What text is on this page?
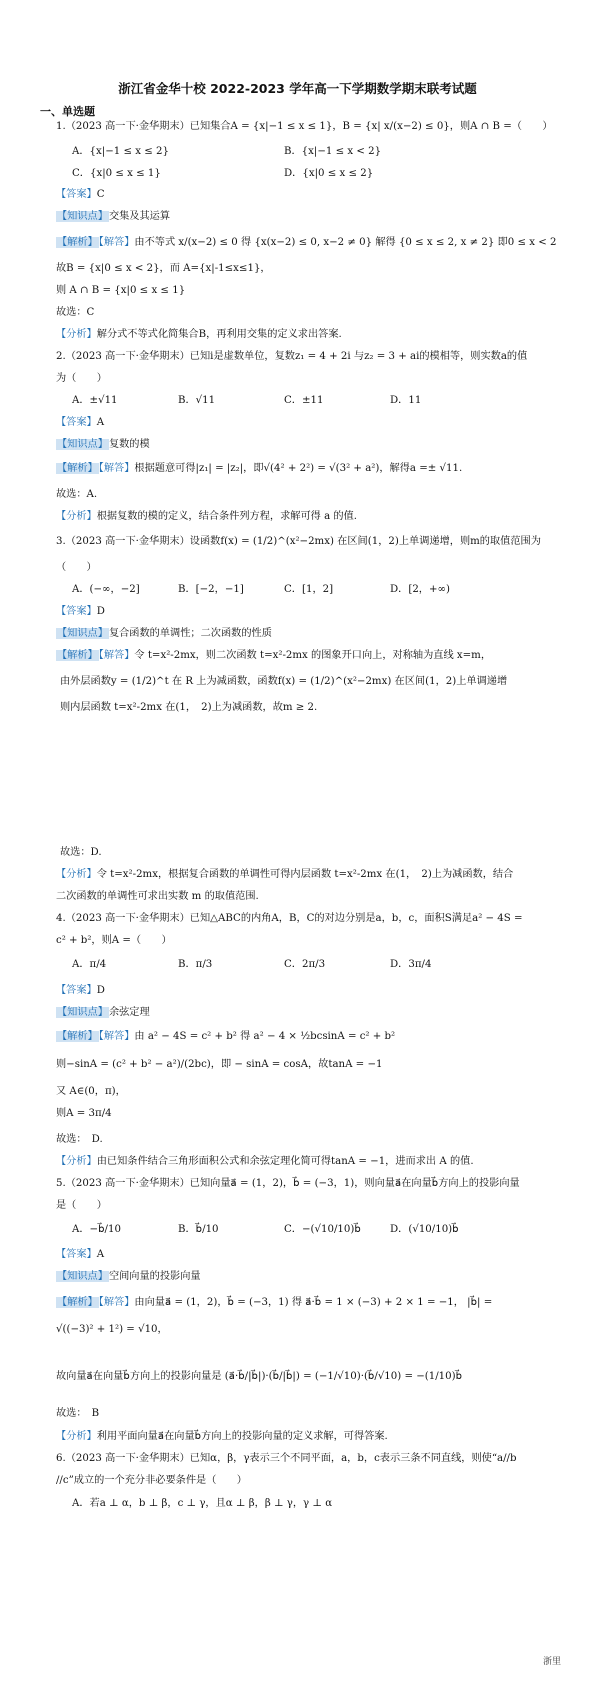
浙江省金华十校 2022-2023 学年高一下学期数学期末联考试题
一、单选题
1.（2023 高一下·金华期末）已知集合A = {x|−1 ≤ x ≤ 1}，B = {x| x/(x−2) ≤ 0}，则A ∩ B =（　　）
A．{x|−1 ≤ x ≤ 2}	B．{x|−1 ≤ x < 2}
C．{x|0 ≤ x ≤ 1}	D．{x|0 ≤ x ≤ 2}
【答案】C
【知识点】交集及其运算
【解析】【解答】由不等式 x/(x−2) ≤ 0 得 {x(x−2) ≤ 0, x−2 ≠ 0} 解得 {0 ≤ x ≤ 2, x ≠ 2} 即0 ≤ x < 2
故B = {x|0 ≤ x < 2}，而 A={x|-1≤x≤1}，
则 A ∩ B = {x|0 ≤ x ≤ 1}
故选：C
【分析】解分式不等式化简集合B，再利用交集的定义求出答案.
2.（2023 高一下·金华期末）已知i是虚数单位，复数z₁ = 4 + 2i 与z₂ = 3 + ai的模相等，则实数a的值
为（　　）
A．±√11	B．√11	C．±11	D．11
【答案】A
【知识点】复数的模
【解析】【解答】根据题意可得|z₁| = |z₂|，即√(4² + 2²) = √(3² + a²)，解得a =± √11.
故选：A.
【分析】根据复数的模的定义，结合条件列方程，求解可得 a 的值.
3.（2023 高一下·金华期末）设函数f(x) = (1/2)^(x²−2mx) 在区间(1，2)上单调递增，则m的取值范围为
（　　）
A．(−∞，−2]	B．[−2，−1]	C．[1，2]	D．[2，+∞)
【答案】D
【知识点】复合函数的单调性；二次函数的性质
【解析】【解答】令 t=x²-2mx，则二次函数 t=x²-2mx 的图象开口向上，对称轴为直线 x=m，
由外层函数y = (1/2)^t 在 R 上为减函数，函数f(x) = (1/2)^(x²−2mx) 在区间(1，2)上单调递增
则内层函数 t=x²-2mx 在(1，　2)上为减函数，故m ≥ 2.
故选：D.
【分析】令 t=x²-2mx，根据复合函数的单调性可得内层函数 t=x²-2mx 在(1，　2)上为减函数，结合
二次函数的单调性可求出实数 m 的取值范围.
4.（2023 高一下·金华期末）已知△ABC的内角A，B，C的对边分别是a，b，c，面积S满足a² − 4S =
c² + b²，则A =（　　）
A．π/4	B．π/3	C．2π/3	D．3π/4
【答案】D
【知识点】余弦定理
【解析】【解答】由 a² − 4S = c² + b² 得 a² − 4 × ½bcsinA = c² + b²
则−sinA = (c² + b² − a²)/(2bc)，即 − sinA = cosA，故tanA = −1
又 A∈(0，π)，
则A = 3π/4
故选：　D.
【分析】由已知条件结合三角形面积公式和余弦定理化简可得tanA = −1，进而求出 A 的值.
5.（2023 高一下·金华期末）已知向量a⃗ = (1，2)，b⃗ = (−3，1)，则向量a⃗在向量b⃗方向上的投影向量
是（　　）
A．−b⃗/10	B．b⃗/10	C．−(√10/10)b⃗	D．(√10/10)b⃗
【答案】A
【知识点】空间向量的投影向量
【解析】【解答】由向量a⃗ = (1，2)，b⃗ = (−3，1) 得 a⃗·b⃗ = 1 × (−3) + 2 × 1 = −1， |b⃗| =
√((−3)² + 1²) = √10，
故向量a⃗在向量b⃗方向上的投影向量是 (a⃗·b⃗/|b⃗|)·(b⃗/|b⃗|) = (−1/√10)·(b⃗/√10) = −(1/10)b⃗
故选：　B
【分析】利用平面向量a⃗在向量b⃗方向上的投影向量的定义求解，可得答案.
6.（2023 高一下·金华期末）已知α，β，γ表示三个不同平面，a，b，c表示三条不同直线，则使“a//b
//c”成立的一个充分非必要条件是（　　）
A．若a ⊥ α，b ⊥ β，c ⊥ γ，且α ⊥ β，β ⊥ γ，γ ⊥ α
浙里
